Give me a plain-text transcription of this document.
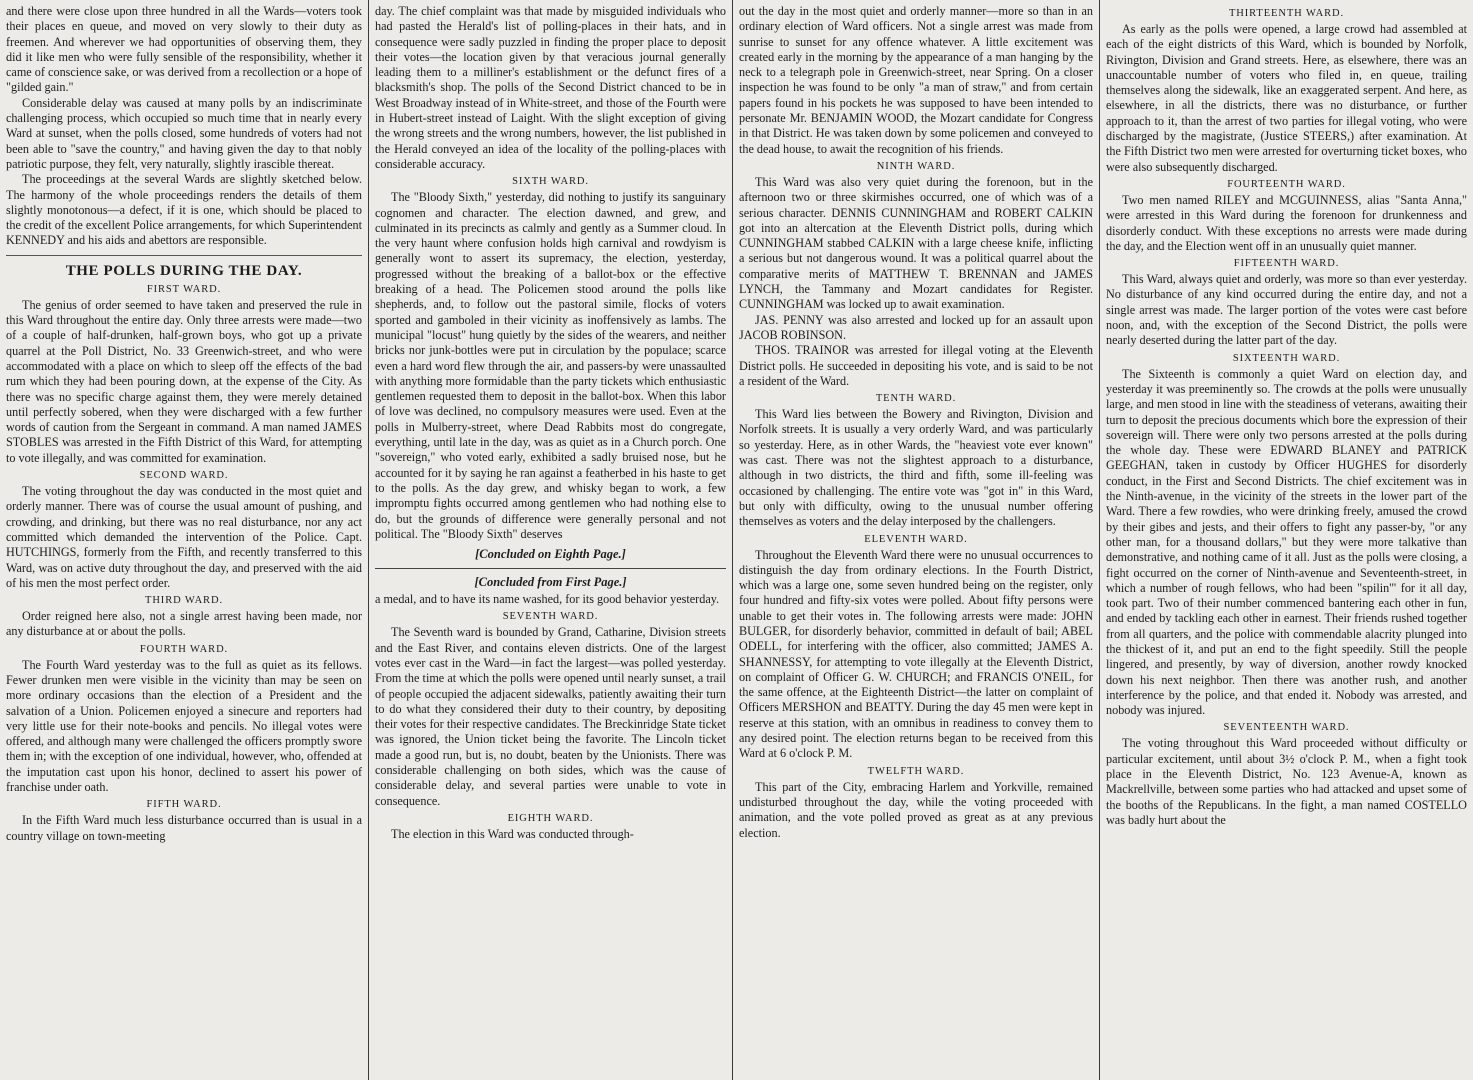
and there were close upon three hundred in all the Wards—voters took their places en queue, and moved on very slowly to their duty as freemen. And wherever we had opportunities of observing them, they did it like men who were fully sensible of the responsibility, whether it came of conscience sake, or was derived from a recollection or a hope of "gilded gain."

Considerable delay was caused at many polls by an indiscriminate challenging process, which occupied so much time that in nearly every Ward at sunset, when the polls closed, some hundreds of voters had not been able to "save the country," and having given the day to that nobly patriotic purpose, they felt, very naturally, slightly irascible thereat.

The proceedings at the several Wards are slightly sketched below. The harmony of the whole proceedings renders the details of them slightly monotonous—a defect, if it is one, which should be placed to the credit of the excellent Police arrangements, for which Superintendent KENNEDY and his aids and abettors are responsible.

THE POLLS DURING THE DAY.
FIRST WARD.

The genius of order seemed to have taken and preserved the rule in this Ward throughout the entire day. Only three arrests were made—two of a couple of half-drunken, half-grown boys, who got up a private quarrel at the Poll District, No. 33 Greenwich-street, and who were accommodated with a place on which to sleep off the effects of the bad rum which they had been pouring down, at the expense of the City. As there was no specific charge against them, they were merely detained until perfectly sobered, when they were discharged with a few further words of caution from the Sergeant in command. A man named JAMES STOBLES was arrested in the Fifth District of this Ward, for attempting to vote illegally, and was committed for examination.

SECOND WARD.

The voting throughout the day was conducted in the most quiet and orderly manner. There was of course the usual amount of pushing, and crowding, and drinking, but there was no real disturbance, nor any act committed which demanded the intervention of the Police. Capt. HUTCHINGS, formerly from the Fifth, and recently transferred to this Ward, was on active duty throughout the day, and preserved with the aid of his men the most perfect order.

THIRD WARD.

Order reigned here also, not a single arrest having been made, nor any disturbance at or about the polls.

FOURTH WARD.

The Fourth Ward yesterday was to the full as quiet as its fellows. Fewer drunken men were visible in the vicinity than may be seen on more ordinary occasions than the election of a President and the salvation of a Union. Policemen enjoyed a sinecure and reporters had very little use for their note-books and pencils. No illegal votes were offered, and although many were challenged the officers promptly swore them in; with the exception of one individual, however, who, offended at the imputation cast upon his honor, declined to assert his power of franchise under oath.

FIFTH WARD.

In the Fifth Ward much less disturbance occurred than is usual in a country village on town-meeting

day. The chief complaint was that made by misguided individuals who had pasted the Herald's list of polling-places in their hats, and in consequence were sadly puzzled in finding the proper place to deposit their votes—the location given by that veracious journal generally leading them to a milliner's establishment or the defunct fires of a blacksmith's shop. The polls of the Second District chanced to be in West Broadway instead of in White-street, and those of the Fourth were in Hubert-street instead of Laight. With the slight exception of giving the wrong streets and the wrong numbers, however, the list published in the Herald conveyed an idea of the locality of the polling-places with considerable accuracy.

SIXTH WARD.

The "Bloody Sixth," yesterday, did nothing to justify its sanguinary cognomen and character. The election dawned, and grew, and culminated in its precincts as calmly and gently as a Summer cloud. In the very haunt where confusion holds high carnival and rowdyism is generally wont to assert its supremacy, the election, yesterday, progressed without the breaking of a ballot-box or the effective breaking of a head. The Policemen stood around the polls like shepherds, and, to follow out the pastoral simile, flocks of voters sported and gamboled in their vicinity as inoffensively as lambs. The municipal "locust" hung quietly by the sides of the wearers, and neither bricks nor junk-bottles were put in circulation by the populace; scarce even a hard word flew through the air, and passers-by were unassaulted with anything more formidable than the party tickets which enthusiastic gentlemen requested them to deposit in the ballot-box. When this labor of love was declined, no compulsory measures were used. Even at the polls in Mulberry-street, where Dead Rabbits most do congregate, everything, until late in the day, was as quiet as in a Church porch. One "sovereign," who voted early, exhibited a sadly bruised nose, but he accounted for it by saying he ran against a featherbed in his haste to get to the polls. As the day grew, and whisky began to work, a few impromptu fights occurred among gentlemen who had nothing else to do, but the grounds of difference were generally personal and not political. The "Bloody Sixth" deserves

[Concluded on Eighth Page.]
[Concluded from First Page.]

a medal, and to have its name washed, for its good behavior yesterday.

SEVENTH WARD.

The Seventh ward is bounded by Grand, Catharine, Division streets and the East River, and contains eleven districts. One of the largest votes ever cast in the Ward—in fact the largest—was polled yesterday. From the time at which the polls were opened until nearly sunset, a trail of people occupied the adjacent sidewalks, patiently awaiting their turn to do what they considered their duty to their country, by depositing their votes for their respective candidates. The Breckinridge State ticket was ignored, the Union ticket being the favorite. The Lincoln ticket made a good run, but is, no doubt, beaten by the Unionists. There was considerable challenging on both sides, which was the cause of considerable delay, and several parties were unable to vote in consequence.

EIGHTH WARD.

The election in this Ward was conducted through-

out the day in the most quiet and orderly manner—more so than in an ordinary election of Ward officers. Not a single arrest was made from sunrise to sunset for any offence whatever. A little excitement was created early in the morning by the appearance of a man hanging by the neck to a telegraph pole in Greenwich-street, near Spring. On a closer inspection he was found to be only "a man of straw," and from certain papers found in his pockets he was supposed to have been intended to personate Mr. BENJAMIN WOOD, the Mozart candidate for Congress in that District. He was taken down by some policemen and conveyed to the dead house, to await the recognition of his friends.

NINTH WARD.

This Ward was also very quiet during the forenoon, but in the afternoon two or three skirmishes occurred, one of which was of a serious character. DENNIS CUNNINGHAM and ROBERT CALKIN got into an altercation at the Eleventh District polls, during which CUNNINGHAM stabbed CALKIN with a large cheese knife, inflicting a serious but not dangerous wound. It was a political quarrel about the comparative merits of MATTHEW T. BRENNAN and JAMES LYNCH, the Tammany and Mozart candidates for Register. CUNNINGHAM was locked up to await examination.

JAS. PENNY was also arrested and locked up for an assault upon JACOB ROBINSON.

THOS. TRAINOR was arrested for illegal voting at the Eleventh District polls. He succeeded in depositing his vote, and is said to be not a resident of the Ward.

TENTH WARD.

This Ward lies between the Bowery and Rivington, Division and Norfolk streets. It is usually a very orderly Ward, and was particularly so yesterday. Here, as in other Wards, the "heaviest vote ever known" was cast. There was not the slightest approach to a disturbance, although in two districts, the third and fifth, some ill-feeling was occasioned by challenging. The entire vote was "got in" in this Ward, but only with difficulty, owing to the unusual number offering themselves as voters and the delay interposed by the challengers.

ELEVENTH WARD.

Throughout the Eleventh Ward there were no unusual occurrences to distinguish the day from ordinary elections. In the Fourth District, which was a large one, some seven hundred being on the register, only four hundred and fifty-six votes were polled. About fifty persons were unable to get their votes in. The following arrests were made: JOHN BULGER, for disorderly behavior, committed in default of bail; ABEL ODELL, for interfering with the officer, also committed; JAMES A. SHANNESSY, for attempting to vote illegally at the Eleventh District, on complaint of Officer G. W. CHURCH; and FRANCIS O'NEIL, for the same offence, at the Eighteenth District—the latter on complaint of Officers MERSHON and BEATTY. During the day 45 men were kept in reserve at this station, with an omnibus in readiness to convey them to any desired point. The election returns began to be received from this Ward at 6 o'clock P. M.

TWELFTH WARD.

This part of the City, embracing Harlem and Yorkville, remained undisturbed throughout the day, while the voting proceeded with animation, and the vote polled proved as great as at any previous election.

THIRTEENTH WARD.

As early as the polls were opened, a large crowd had assembled at each of the eight districts of this Ward, which is bounded by Norfolk, Rivington, Division and Grand streets. Here, as elsewhere, there was an unaccountable number of voters who filed in, en queue, trailing themselves along the sidewalk, like an exaggerated serpent. And here, as elsewhere, in all the districts, there was no disturbance, or further approach to it, than the arrest of two parties for illegal voting, who were discharged by the magistrate, (Justice STEERS,) after examination. At the Fifth District two men were arrested for overturning ticket boxes, who were also subsequently discharged.

FOURTEENTH WARD.

Two men named RILEY and MCGUINNESS, alias "Santa Anna," were arrested in this Ward during the forenoon for drunkenness and disorderly conduct. With these exceptions no arrests were made during the day, and the Election went off in an unusually quiet manner.

FIFTEENTH WARD.

This Ward, always quiet and orderly, was more so than ever yesterday. No disturbance of any kind occurred during the entire day, and not a single arrest was made. The larger portion of the votes were cast before noon, and, with the exception of the Second District, the polls were nearly deserted during the latter part of the day.

SIXTEENTH WARD.

The Sixteenth is commonly a quiet Ward on election day, and yesterday it was preeminently so. The crowds at the polls were unusually large, and men stood in line with the steadiness of veterans, awaiting their turn to deposit the precious documents which bore the expression of their sovereign will. There were only two persons arrested at the polls during the whole day. These were EDWARD BLANEY and PATRICK GEEGHAN, taken in custody by Officer HUGHES for disorderly conduct, in the First and Second Districts. The chief excitement was in the Ninth-avenue, in the vicinity of the streets in the lower part of the Ward. There a few rowdies, who were drinking freely, amused the crowd by their gibes and jests, and their offers to fight any passer-by, "or any other man, for a thousand dollars," but they were more talkative than demonstrative, and nothing came of it all. Just as the polls were closing, a fight occurred on the corner of Ninth-avenue and Seventeenth-street, in which a number of rough fellows, who had been "spilin'" for it all day, took part. Two of their number commenced bantering each other in fun, and ended by tackling each other in earnest. Their friends rushed together from all quarters, and the police with commendable alacrity plunged into the thickest of it, and put an end to the fight speedily. Still the people lingered, and presently, by way of diversion, another rowdy knocked down his next neighbor. Then there was another rush, and another interference by the police, and that ended it. Nobody was arrested, and nobody was injured.

SEVENTEENTH WARD.

The voting throughout this Ward proceeded without difficulty or particular excitement, until about 3½ o'clock P. M., when a fight took place in the Eleventh District, No. 123 Avenue-A, known as Mackrellville, between some parties who had attacked and upset some of the booths of the Republicans. In the fight, a man named COSTELLO was badly hurt about the
